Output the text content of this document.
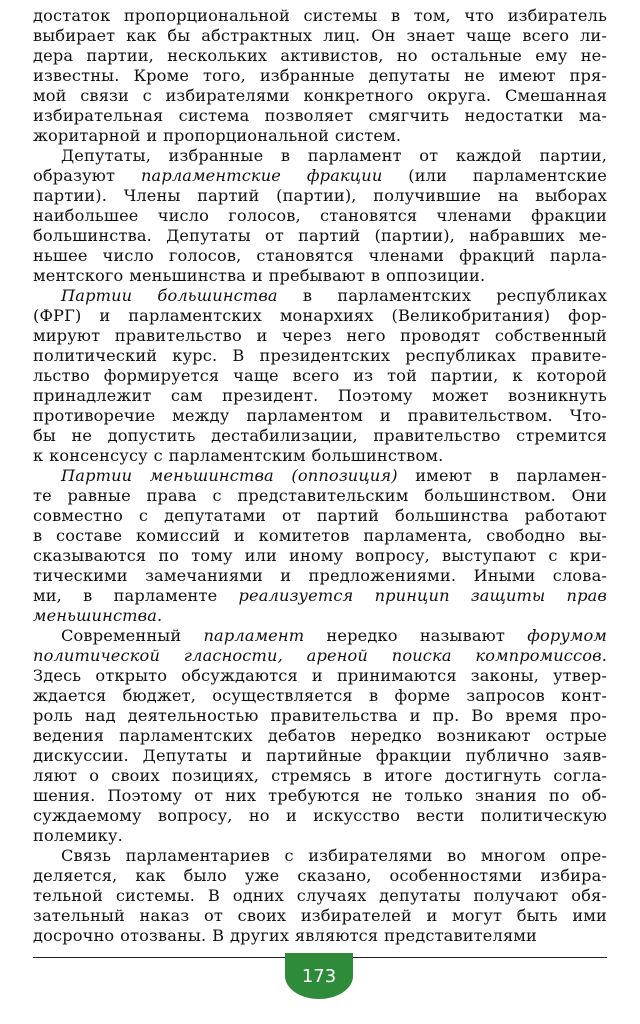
достаток пропорциональной системы в том, что избиратель
выбирает как бы абстрактных лиц. Он знает чаще всего ли-
дера партии, нескольких активистов, но остальные ему не-
известны. Кроме того, избранные депутаты не имеют пря-
мой связи с избирателями конкретного округа. Смешанная
избирательная система позволяет смягчить недостатки ма-
жоритарной и пропорциональной систем.
Депутаты, избранные в парламент от каждой партии,
образуют парламентские фракции (или парламентские
партии). Члены партий (партии), получившие на выборах
наибольшее число голосов, становятся членами фракции
большинства. Депутаты от партий (партии), набравших ме-
ньшее число голосов, становятся членами фракций парла-
ментского меньшинства и пребывают в оппозиции.
Партии большинства в парламентских республиках
(ФРГ) и парламентских монархиях (Великобритания) фор-
мируют правительство и через него проводят собственный
политический курс. В президентских республиках правите-
льство формируется чаще всего из той партии, к которой
принадлежит сам президент. Поэтому может возникнуть
противоречие между парламентом и правительством. Что-
бы не допустить дестабилизации, правительство стремится
к консенсусу с парламентским большинством.
Партии меньшинства (оппозиция) имеют в парламен-
те равные права с представительским большинством. Они
совместно с депутатами от партий большинства работают
в составе комиссий и комитетов парламента, свободно вы-
сказываются по тому или иному вопросу, выступают с кри-
тическими замечаниями и предложениями. Иными слова-
ми, в парламенте реализуется принцип защиты прав
меньшинства.
Современный парламент нередко называют форумом
политической гласности, ареной поиска компромиссов.
Здесь открыто обсуждаются и принимаются законы, утвер-
ждается бюджет, осуществляется в форме запросов конт-
роль над деятельностью правительства и пр. Во время про-
ведения парламентских дебатов нередко возникают острые
дискуссии. Депутаты и партийные фракции публично заяв-
ляют о своих позициях, стремясь в итоге достигнуть согла-
шения. Поэтому от них требуются не только знания по об-
суждаемому вопросу, но и искусство вести политическую
полемику.
Связь парламентариев с избирателями во многом опре-
деляется, как было уже сказано, особенностями избира-
тельной системы. В одних случаях депутаты получают обя-
зательный наказ от своих избирателей и могут быть ими
досрочно отозваны. В других являются представителями
173
